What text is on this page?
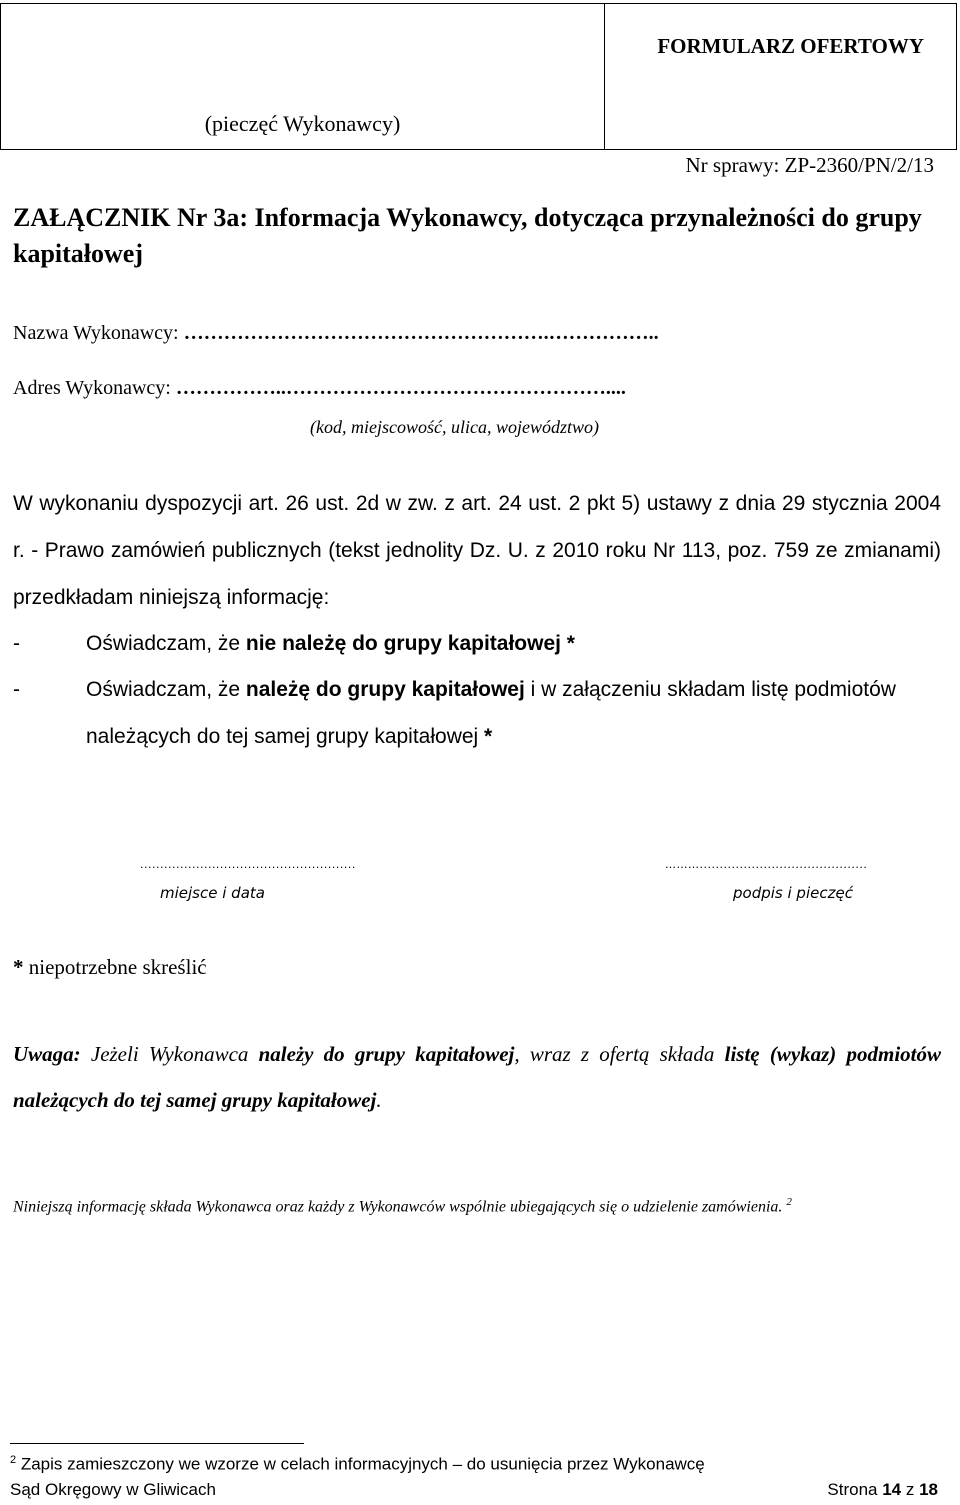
(pieczęć Wykonawcy)
FORMULARZ OFERTOWY

Nr sprawy: ZP-2360/PN/2/13

ZAŁĄCZNIK Nr 3a: Informacja Wykonawcy, dotycząca przynależności do grupy kapitałowej

Nazwa Wykonawcy: ……………………………………………….……………..

Adres Wykonawcy: ……………..…………………………………………....

(kod, miejscowość, ulica, województwo)

W wykonaniu dyspozycji art. 26 ust. 2d w zw. z art. 24 ust. 2 pkt 5) ustawy z dnia 29 stycznia 2004 r. - Prawo zamówień publicznych (tekst jednolity Dz. U. z 2010 roku Nr 113, poz. 759 ze zmianami) przedkładam niniejszą informację:

-	Oświadczam, że nie należę do grupy kapitałowej *

-	Oświadczam, że należę do grupy kapitałowej i w załączeniu składam listę podmiotów należących do tej samej grupy kapitałowej *

......................................................

miejsce i data

………..........................................

podpis i pieczęć

* niepotrzebne skreślić

Uwaga: Jeżeli Wykonawca należy do grupy kapitałowej, wraz z ofertą składa listę (wykaz) podmiotów należących do tej samej grupy kapitałowej.

Niniejszą informację składa Wykonawca oraz każdy z Wykonawców wspólnie ubiegających się o udzielenie zamówienia. $^2$

$^2$ Zapis zamieszczony we wzorze w celach informacyjnych – do usunięcia przez Wykonawcę

Sąd Okręgowy w Gliwicach	Strona 14 z 18
